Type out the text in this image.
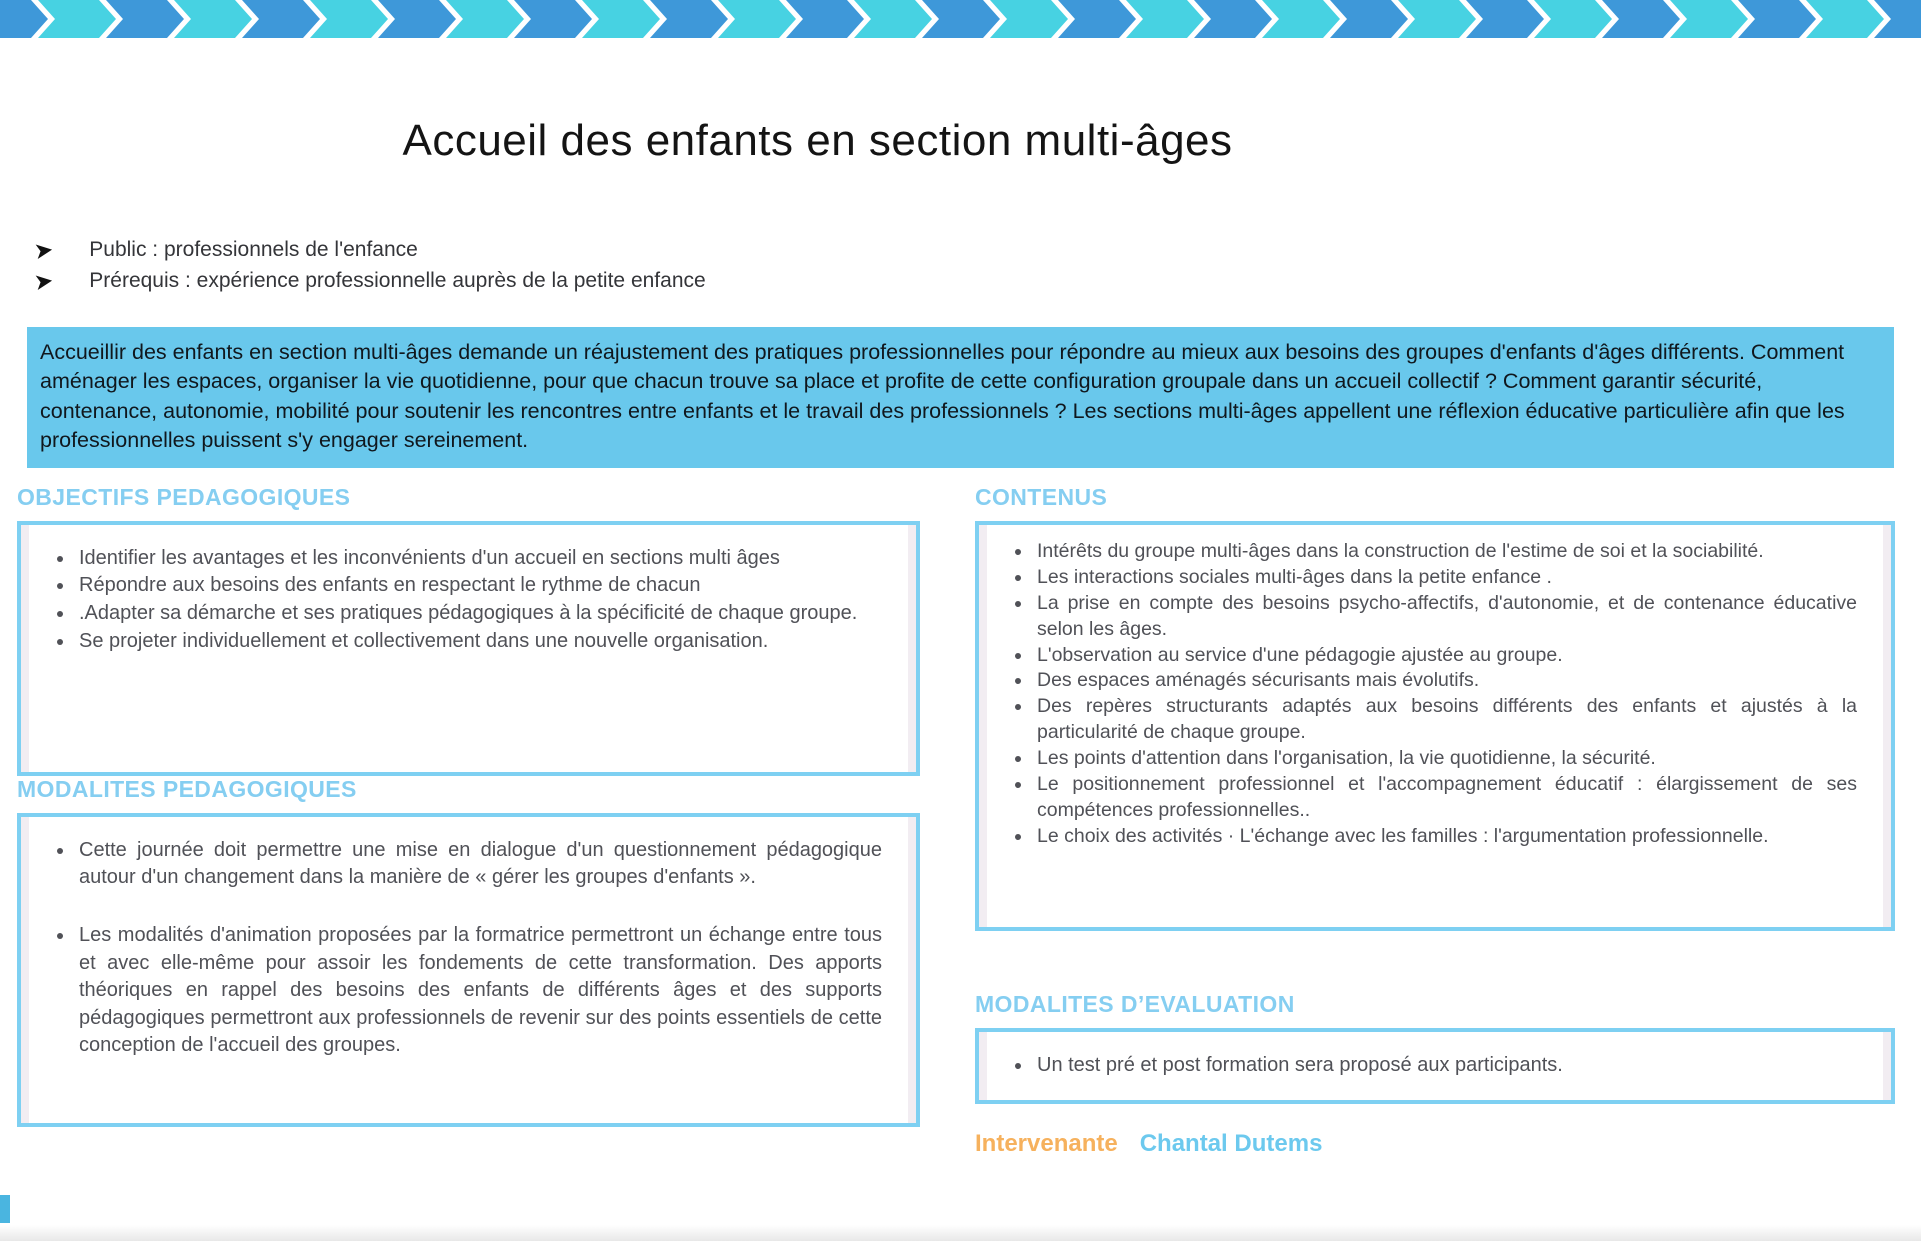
Accueil des enfants en section multi-âges
➤ Public : professionnels de l'enfance
➤ Prérequis : expérience professionnelle auprès de la petite enfance
Accueillir des enfants en section multi-âges demande un réajustement des pratiques professionnelles pour répondre au mieux aux besoins des groupes d'enfants d'âges différents. Comment aménager les espaces, organiser la vie quotidienne, pour que chacun trouve sa place et profite de cette configuration groupale dans un accueil collectif ? Comment garantir sécurité, contenance, autonomie, mobilité pour soutenir les rencontres entre enfants et le travail des professionnels ? Les sections multi-âges appellent une réflexion éducative particulière afin que les professionnelles puissent s'y engager sereinement.
OBJECTIFS PEDAGOGIQUES
• Identifier les avantages et les inconvénients d'un accueil en sections multi âges
• Répondre aux besoins des enfants en respectant le rythme de chacun
• .Adapter sa démarche et ses pratiques pédagogiques à la spécificité de chaque groupe.
• Se projeter individuellement et collectivement dans une nouvelle organisation.
MODALITES PEDAGOGIQUES
• Cette journée doit permettre une mise en dialogue d'un questionnement pédagogique autour d'un changement dans la manière de « gérer les groupes d'enfants ».
• Les modalités d'animation proposées par la formatrice permettront un échange entre tous et avec elle-même pour assoir les fondements de cette transformation. Des apports théoriques en rappel des besoins des enfants de différents âges et des supports pédagogiques permettront aux professionnels de revenir sur des points essentiels de cette conception de l'accueil des groupes.
CONTENUS
• Intérêts du groupe multi-âges dans la construction de l'estime de soi et la sociabilité.
• Les interactions sociales multi-âges dans la petite enfance .
• La prise en compte des besoins psycho-affectifs, d'autonomie, et de contenance éducative selon les âges.
• L'observation au service d'une pédagogie ajustée au groupe.
• Des espaces aménagés sécurisants mais évolutifs.
• Des repères structurants adaptés aux besoins différents des enfants et ajustés à la particularité de chaque groupe.
• Les points d'attention dans l'organisation, la vie quotidienne, la sécurité.
• Le positionnement professionnel et l'accompagnement éducatif : élargissement de ses compétences professionnelles..
• Le choix des activités · L'échange avec les familles : l'argumentation professionnelle.
MODALITES D’EVALUATION
• Un test pré et post formation sera proposé aux participants.
Intervenante Chantal Dutems
